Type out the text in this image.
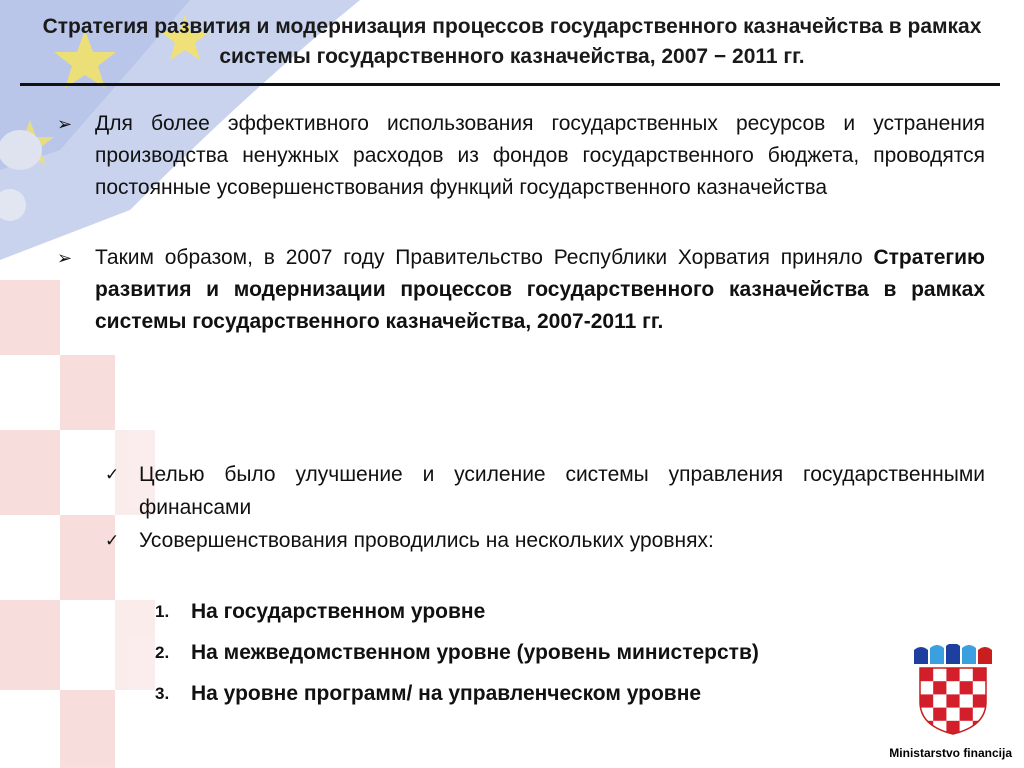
Стратегия развития и модернизация процессов государственного казначейства в рамках системы государственного казначейства, 2007 − 2011 гг.
➢ Для более эффективного использования государственных ресурсов и устранения производства ненужных расходов из фондов государственного бюджета, проводятся постоянные усовершенствования функций государственного казначейства
➢ Таким образом, в 2007 году Правительство Республики Хорватия приняло Стратегию развития и модернизации процессов государственного казначейства в рамках системы государственного казначейства, 2007-2011 гг.
✓ Целью было улучшение и усиление системы управления государственными финансами
✓ Усовершенствования проводились на нескольких уровнях:
1.	На государственном уровне
2.	На межведомственном уровне (уровень министерств)
3.	На уровне программ/ на управленческом уровне
Ministarstvo financija
